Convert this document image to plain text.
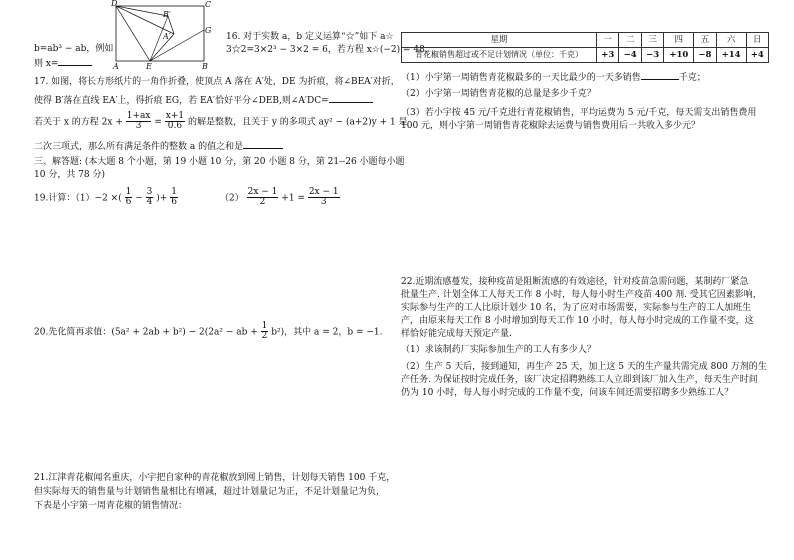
D
B′
C
G
A′
A	E	B
b=ab³ − ab，例如
则 x=
17. 如图，将长方形纸片的一角作折叠，使顶点 A 落在 A′处，DE 为折痕，将∠BEA′对折，
使得 B′落在直线 EA′上，得折痕 EG，若 EA′恰好平分∠DEB,则∠A′DC=
若关于 x 的方程 $2x + \frac{1+ax}{3} = \frac{x+1}{0.6}$ 的解是整数，且关于 y 的多项式 ay² − (a+2)y + 1 是
二次三项式，那么所有满足条件的整数 a 的值之和是
三、解答题: (本大题 8 个小题，第 19 小题 10 分，第 20 小题 8 分，第 21--26 小题每小题
10 分，共 78 分)
19.计算：（1）−2 ×( $\frac{1}{6} - \frac{3}{4}$ )+ $\frac{1}{6}$	$(2) \frac{2x - 1}{2} +1 = \frac{2x - 1}{3}$
20.先化简再求值：(5a² + 2ab + b²) − 2(2a² − ab + $\frac{1}{2} b^2$)，其中 a = 2，b = −1.
21.江津青花椒闻名重庆，小宇把自家种的青花椒放到网上销售，计划每天销售 100 千克，
但实际每天的销售量与计划销售量相比有增减，超过计划量记为正，不足计划量记为负，
下表是小宇第一周青花椒的销售情况：
16. 对于实数 a，b 定义运算“☆”如下 a☆
3☆2=3×2³ − 3×2 = 6，若方程 x☆(−2) = 48，
星期	一	二	三	四	五	六	日
青花椒销售超过或不足计划情况（单位：千克）	+3	−4	−3	+10	−8	+14	+4
（1）小宇第一周销售青花椒最多的一天比最少的一天多销售	千克；
（2）小宇第一周销售青花椒的总量是多少千克？
（3）若小宇按 45 元/千克进行青花椒销售，平均运费为 5 元/千克，每天需支出销售费用
100 元，则小宇第一周销售青花椒除去运费与销售费用后一共收入多少元？
22.近期流感蔓发，接种疫苗是阻断流感的有效途径，针对疫苗急需问题，某制药厂紧急
批量生产. 计划全体工人每天工作 8 小时，每人每小时生产疫苗 400 剂. 受其它因素影响，
实际参与生产的工人比原计划少 10 名，为了应对市场需要，实际参与生产的工人加班生
产，由原来每天工作 8 小时增加到每天工作 10 小时，每人每小时完成的工作量不变，这
样恰好能完成每天预定产量.
（1）求该制药厂实际参加生产的工人有多少人？
（2）生产 5 天后，接到通知，再生产 25 天，加上这 5 天的生产量共需完成 800 万剂的生
产任务. 为保证按时完成任务，该厂决定招聘熟练工人立即到该厂加入生产，每天生产时间
仍为 10 小时，每人每小时完成的工作量不变，问该车间还需要招聘多少熟练工人？
